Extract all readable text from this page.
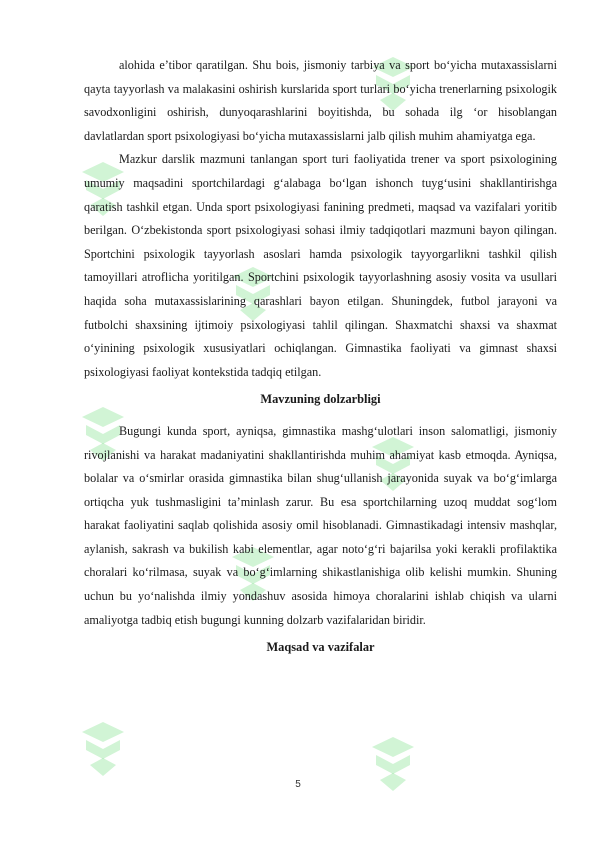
alohida e’tibor qaratilgan. Shu bois, jismoniy tarbiya va sport bo‘yicha mutaxassislarni qayta tayyorlash va malakasini oshirish kurslarida sport turlari bo‘yicha trenerlarning psixologik savodxonligini oshirish, dunyoqarashlarini boyitishda, bu sohada ilg ‘or hisoblangan davlatlardan sport psixologiyasi bo‘yicha mutaxassislarni jalb qilish muhim ahamiyatga ega.

Mazkur darslik mazmuni tanlangan sport turi faoliyatida trener va sport psixologining umumiy maqsadini sportchilardagi g‘alabaga bo‘lgan ishonch tuyg‘usini shakllantirishga qaratish tashkil etgan. Unda sport psixologiyasi fanining predmeti, maqsad va vazifalari yoritib berilgan. O‘zbekistonda sport psixologiyasi sohasi ilmiy tadqiqotlari mazmuni bayon qilingan. Sportchini psixologik tayyorlash asoslari hamda psixologik tayyorgarlikni tashkil qilish tamoyillari atroflicha yoritilgan. Sportchini psixologik tayyorlashning asosiy vosita va usullari haqida soha mutaxassislarining qarashlari bayon etilgan. Shuningdek, futbol jarayoni va futbolchi shaxsining ijtimoiy psixologiyasi tahlil qilingan. Shaxmatchi shaxsi va shaxmat o‘yinining psixologik xususiyatlari ochiqlangan. Gimnastika faoliyati va gimnast shaxsi psixologiyasi faoliyat kontekstida tadqiq etilgan.

Mavzuning dolzarbligi

Bugungi kunda sport, ayniqsa, gimnastika mashg‘ulotlari inson salomatligi, jismoniy rivojlanishi va harakat madaniyatini shakllantirishda muhim ahamiyat kasb etmoqda. Ayniqsa, bolalar va o‘smirlar orasida gimnastika bilan shug‘ullanish jarayonida suyak va bo‘g‘imlarga ortiqcha yuk tushmasligini ta’minlash zarur. Bu esa sportchilarning uzoq muddat sog‘lom harakat faoliyatini saqlab qolishida asosiy omil hisoblanadi. Gimnastikadagi intensiv mashqlar, aylanish, sakrash va bukilish kabi elementlar, agar noto‘g‘ri bajarilsa yoki kerakli profilaktika choralari ko‘rilmasa, suyak va bo‘g‘imlarning shikastlanishiga olib kelishi mumkin. Shuning uchun bu yo‘nalishda ilmiy yondashuv asosida himoya choralarini ishlab chiqish va ularni amaliyotga tadbiq etish bugungi kunning dolzarb vazifalaridan biridir.

Maqsad va vazifalar

5
